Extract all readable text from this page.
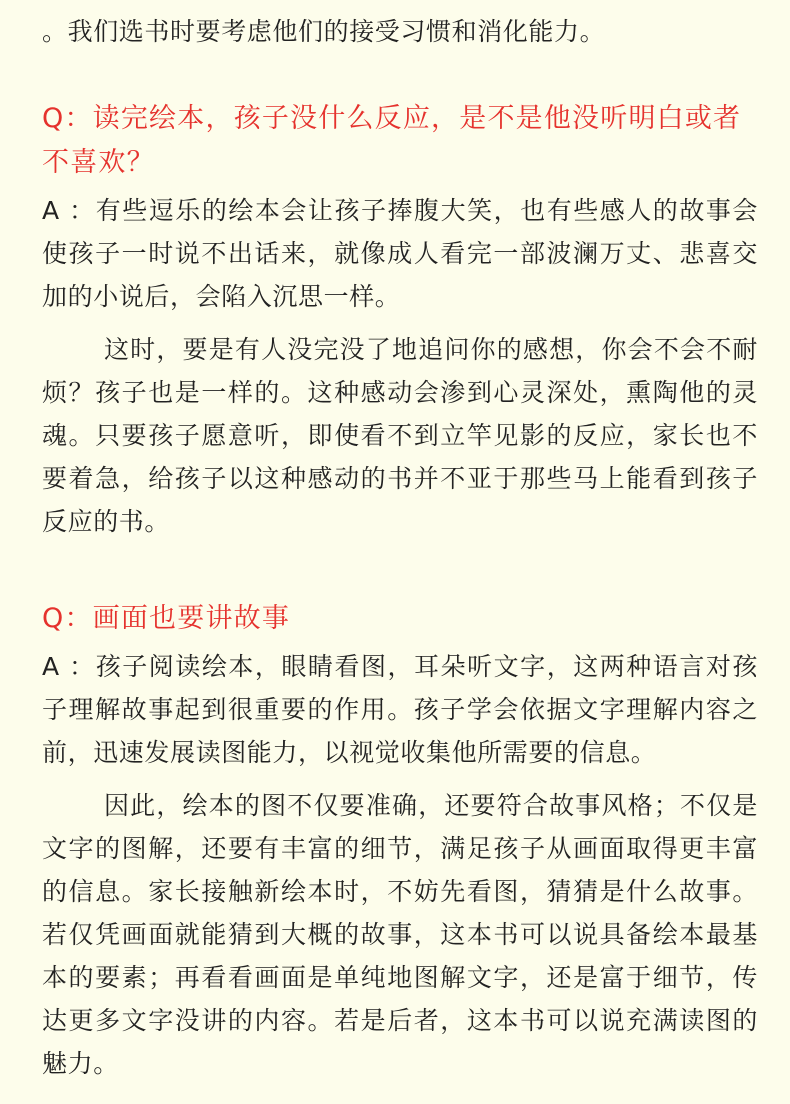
。我们选书时要考虑他们的接受习惯和消化能力。

Q：读完绘本，孩子没什么反应，是不是他没听明白或者不喜欢？

A ：有些逗乐的绘本会让孩子捧腹大笑，也有些感人的故事会使孩子一时说不出话来，就像成人看完一部波澜万丈、悲喜交加的小说后，会陷入沉思一样。

这时，要是有人没完没了地追问你的感想，你会不会不耐烦？孩子也是一样的。这种感动会渗到心灵深处，熏陶他的灵魂。只要孩子愿意听，即使看不到立竿见影的反应，家长也不要着急，给孩子以这种感动的书并不亚于那些马上能看到孩子反应的书。

Q：画面也要讲故事

A ：孩子阅读绘本，眼睛看图，耳朵听文字，这两种语言对孩子理解故事起到很重要的作用。孩子学会依据文字理解内容之前，迅速发展读图能力，以视觉收集他所需要的信息。

因此，绘本的图不仅要准确，还要符合故事风格；不仅是文字的图解，还要有丰富的细节，满足孩子从画面取得更丰富的信息。家长接触新绘本时，不妨先看图，猜猜是什么故事。若仅凭画面就能猜到大概的故事，这本书可以说具备绘本最基本的要素；再看看画面是单纯地图解文字，还是富于细节，传达更多文字没讲的内容。若是后者，这本书可以说充满读图的魅力。
